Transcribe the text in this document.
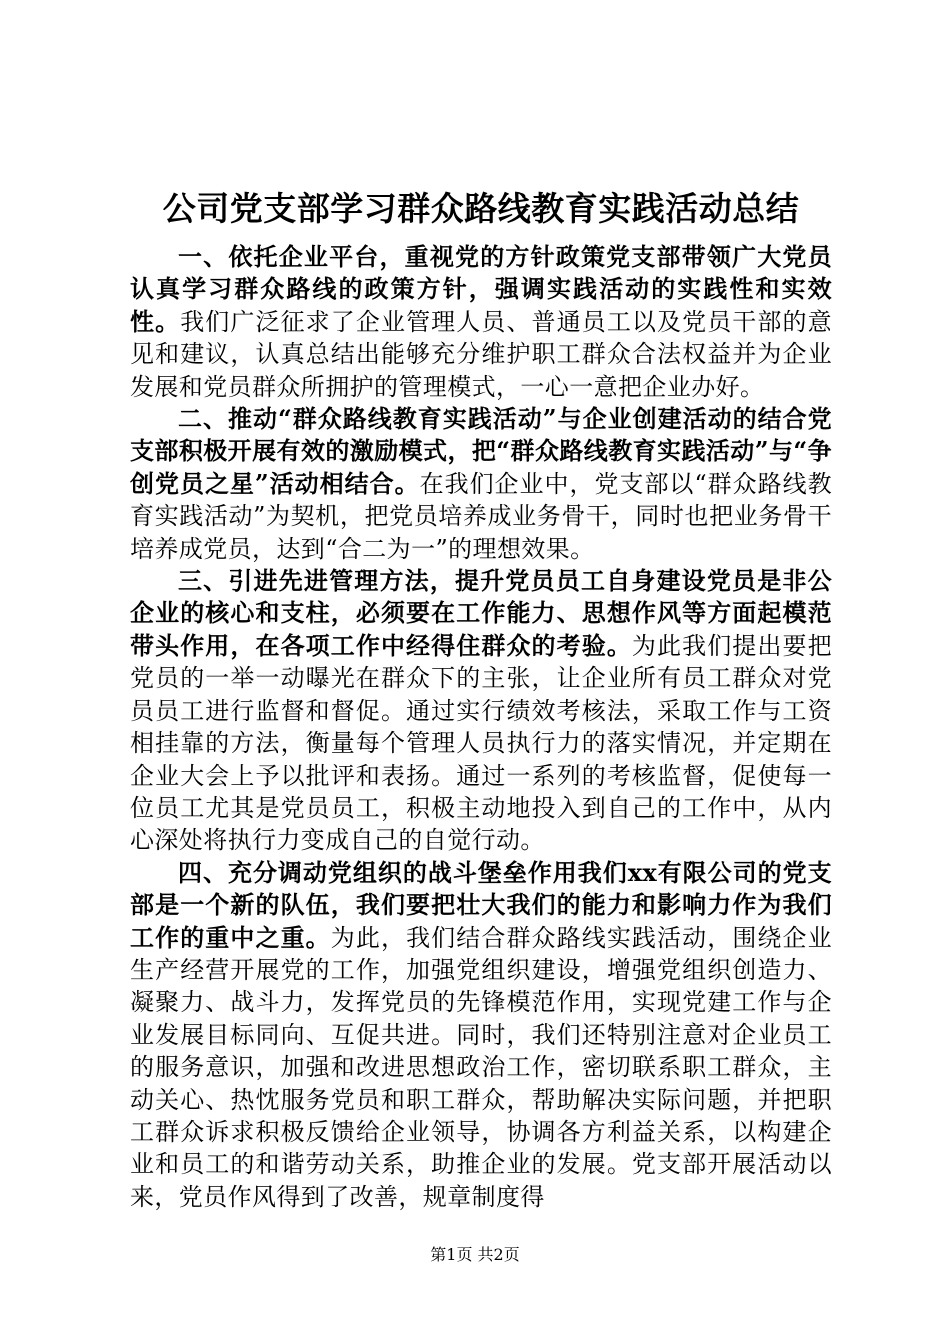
公司党支部学习群众路线教育实践活动总结

一、依托企业平台，重视党的方针政策党支部带领广大党员认真学习群众路线的政策方针，强调实践活动的实践性和实效性。我们广泛征求了企业管理人员、普通员工以及党员干部的意见和建议，认真总结出能够充分维护职工群众合法权益并为企业发展和党员群众所拥护的管理模式，一心一意把企业办好。

二、推动“群众路线教育实践活动”与企业创建活动的结合党支部积极开展有效的激励模式，把“群众路线教育实践活动”与“争创党员之星”活动相结合。在我们企业中，党支部以“群众路线教育实践活动”为契机，把党员培养成业务骨干，同时也把业务骨干培养成党员，达到“合二为一”的理想效果。

三、引进先进管理方法，提升党员员工自身建设党员是非公企业的核心和支柱，必须要在工作能力、思想作风等方面起模范带头作用，在各项工作中经得住群众的考验。为此我们提出要把党员的一举一动曝光在群众下的主张，让企业所有员工群众对党员员工进行监督和督促。通过实行绩效考核法，采取工作与工资相挂靠的方法，衡量每个管理人员执行力的落实情况，并定期在企业大会上予以批评和表扬。通过一系列的考核监督，促使每一位员工尤其是党员员工，积极主动地投入到自己的工作中，从内心深处将执行力变成自己的自觉行动。

四、充分调动党组织的战斗堡垒作用我们xx有限公司的党支部是一个新的队伍，我们要把壮大我们的能力和影响力作为我们工作的重中之重。为此，我们结合群众路线实践活动，围绕企业生产经营开展党的工作，加强党组织建设，增强党组织创造力、凝聚力、战斗力，发挥党员的先锋模范作用，实现党建工作与企业发展目标同向、互促共进。同时，我们还特别注意对企业员工的服务意识，加强和改进思想政治工作，密切联系职工群众，主动关心、热忱服务党员和职工群众，帮助解决实际问题，并把职工群众诉求积极反馈给企业领导，协调各方利益关系，以构建企业和员工的和谐劳动关系，助推企业的发展。党支部开展活动以来，党员作风得到了改善，规章制度得

第1页 共2页
